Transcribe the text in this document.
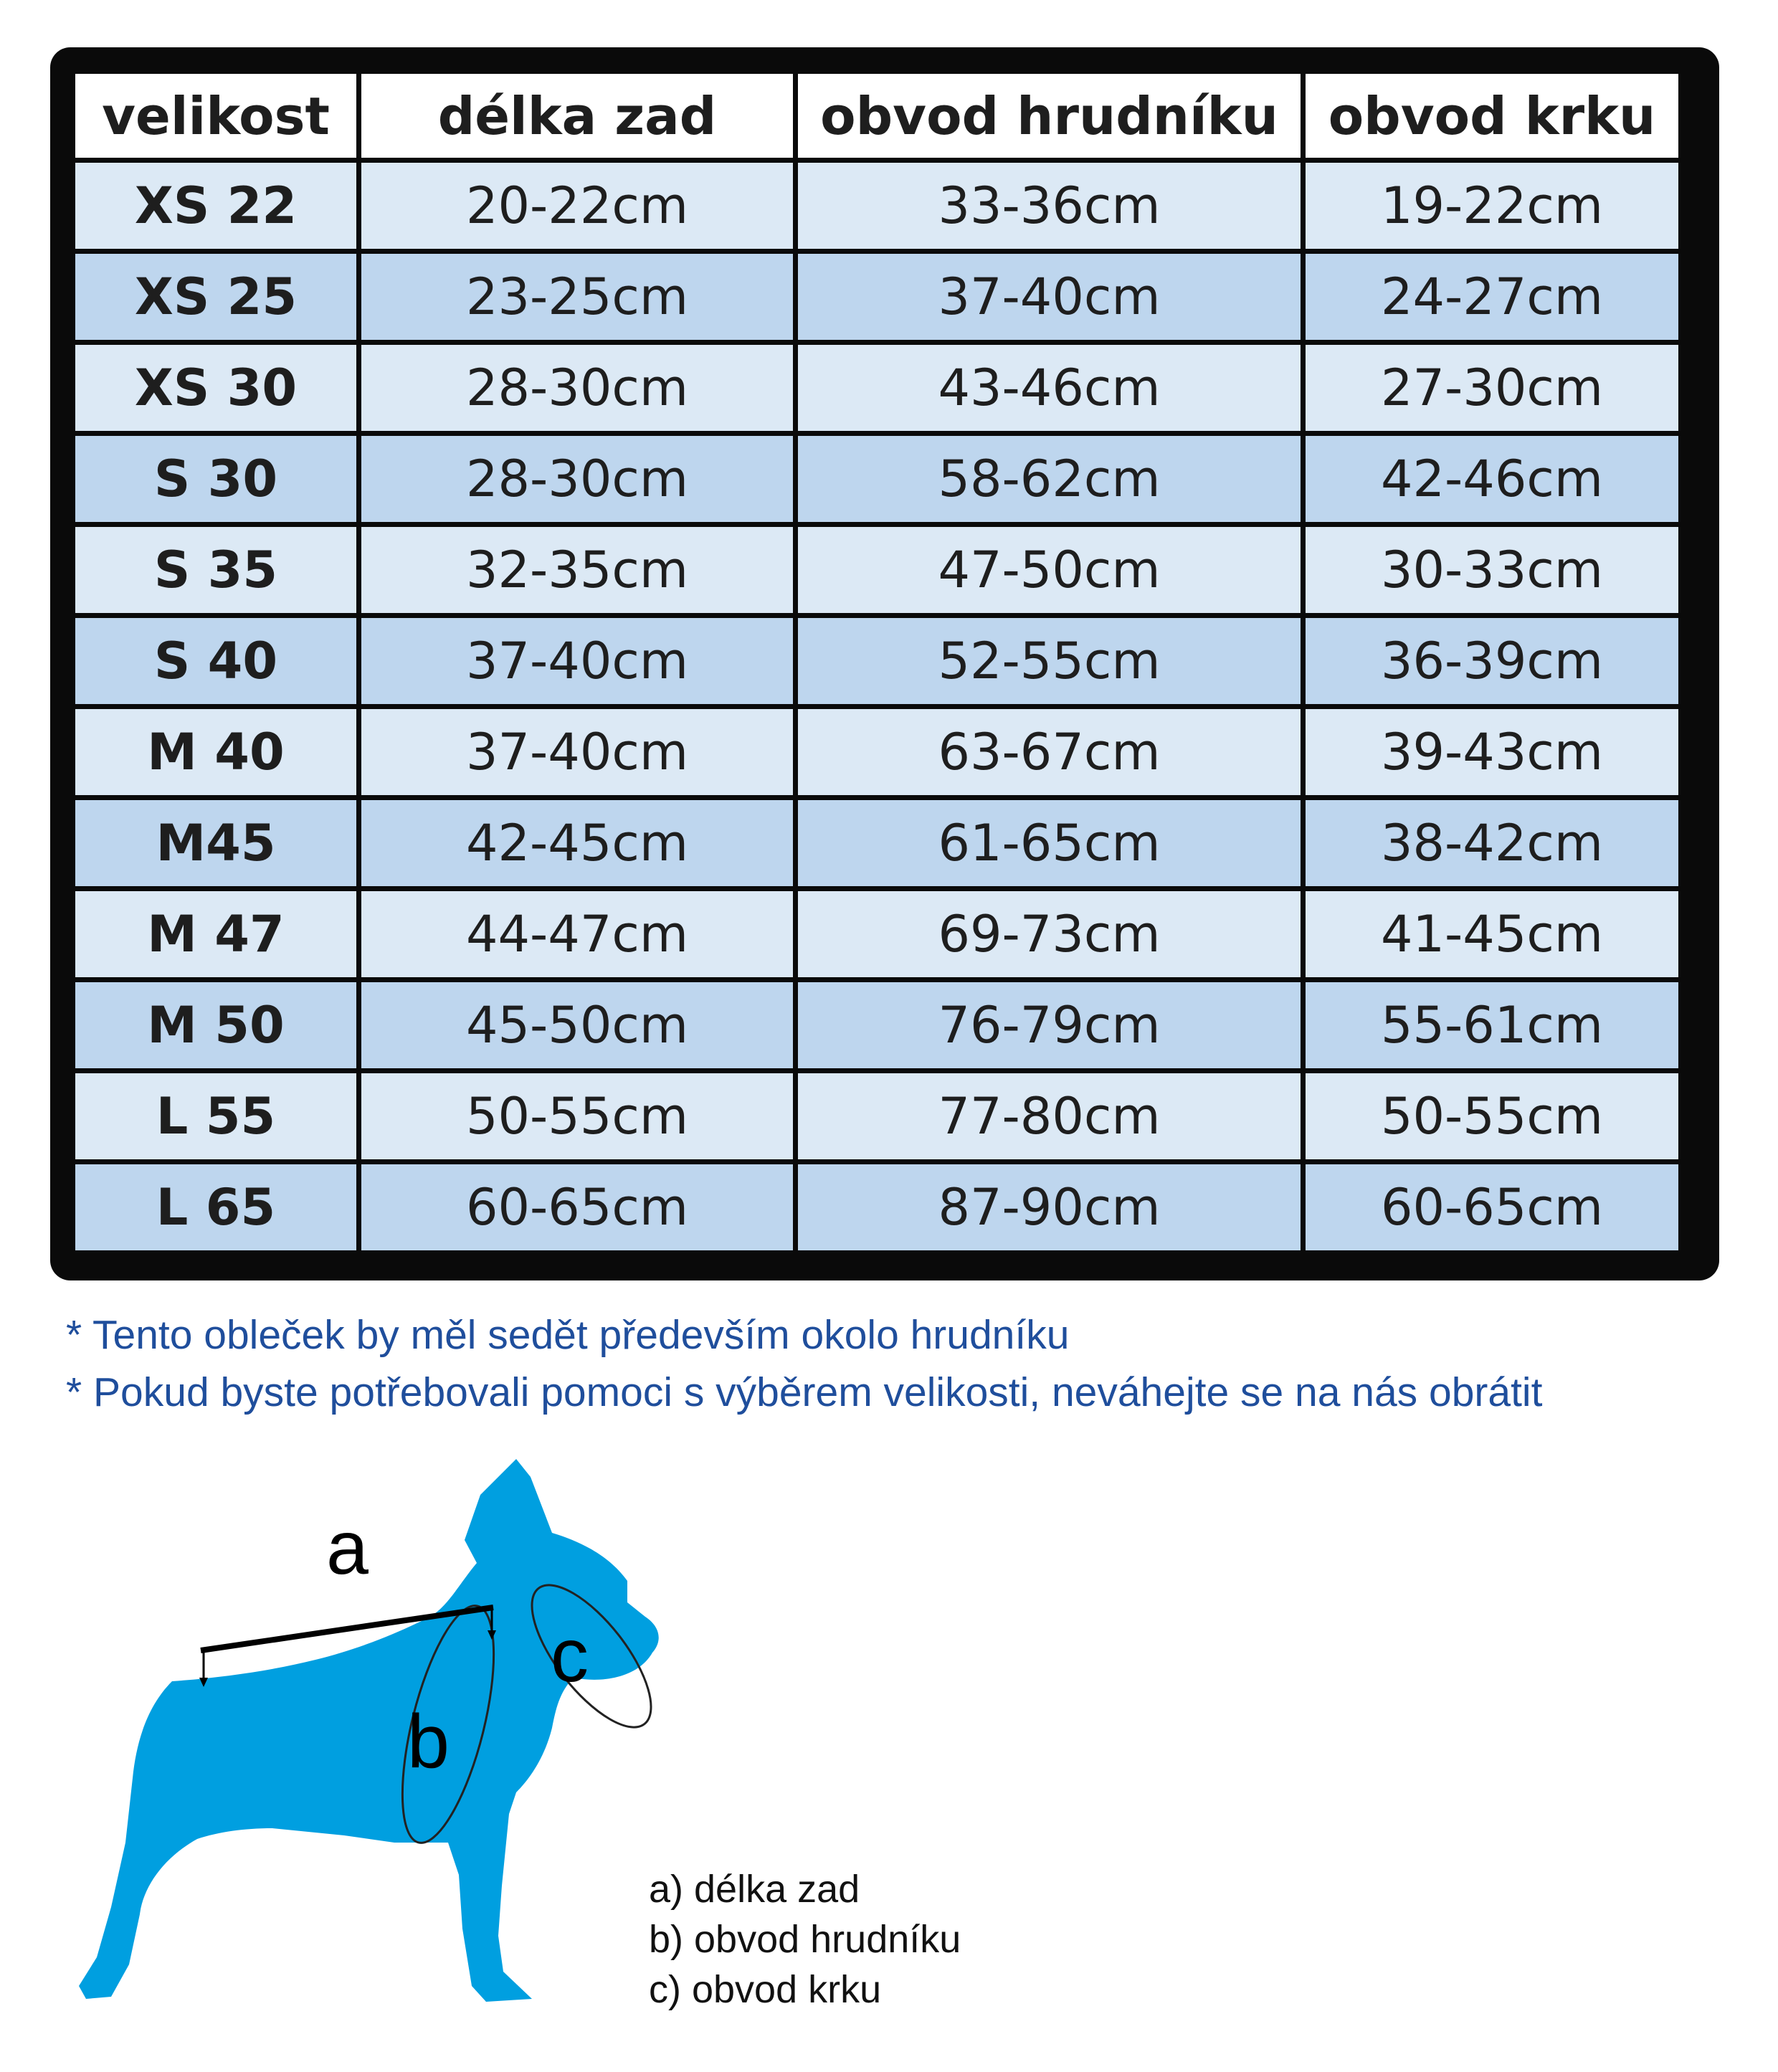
velikost	délka zad	obvod hrudníku	obvod krku
XS 22	20-22cm	33-36cm	19-22cm
XS 25	23-25cm	37-40cm	24-27cm
XS 30	28-30cm	43-46cm	27-30cm
S 30	28-30cm	58-62cm	42-46cm
S 35	32-35cm	47-50cm	30-33cm
S 40	37-40cm	52-55cm	36-39cm
M 40	37-40cm	63-67cm	39-43cm
M45	42-45cm	61-65cm	38-42cm
M 47	44-47cm	69-73cm	41-45cm
M 50	45-50cm	76-79cm	55-61cm
L 55	50-55cm	77-80cm	50-55cm
L 65	60-65cm	87-90cm	60-65cm
* Tento obleček by měl sedět především okolo hrudníku
* Pokud byste potřebovali pomoci s výběrem velikosti, neváhejte se na nás obrátit
a
b
c
a) délka zad
b) obvod hrudníku
c) obvod krku
